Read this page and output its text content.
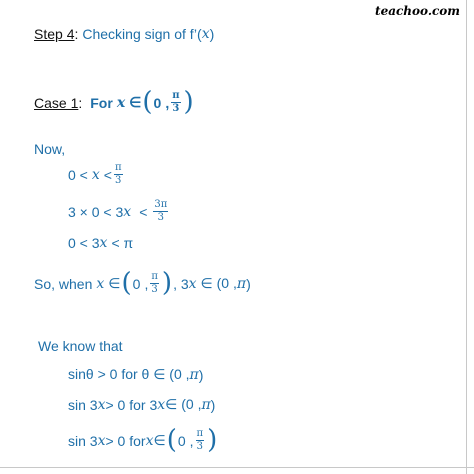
teachoo.com
Step 4 : Checking sign of f’( x )
Case 1 : For x ∈ ( 0 , $\frac{\pi}{3}$ )
Now,
$0 < x < \frac{\pi}{3}$
3 × 0 < 3 $x < \frac{3\pi}{3}$
0 < 3 x < π
So, when x ∈ ( 0 , $\frac{\pi}{3}$ ) , 3 x ∈ (0 , π )
We know that
sinθ > 0 for θ ∈ (0 , π )
sin 3 x > 0 for 3 x ∈ (0 , π )
sin 3 x > 0 for x ∈ ( 0 , $\frac{\pi}{3}$ )
